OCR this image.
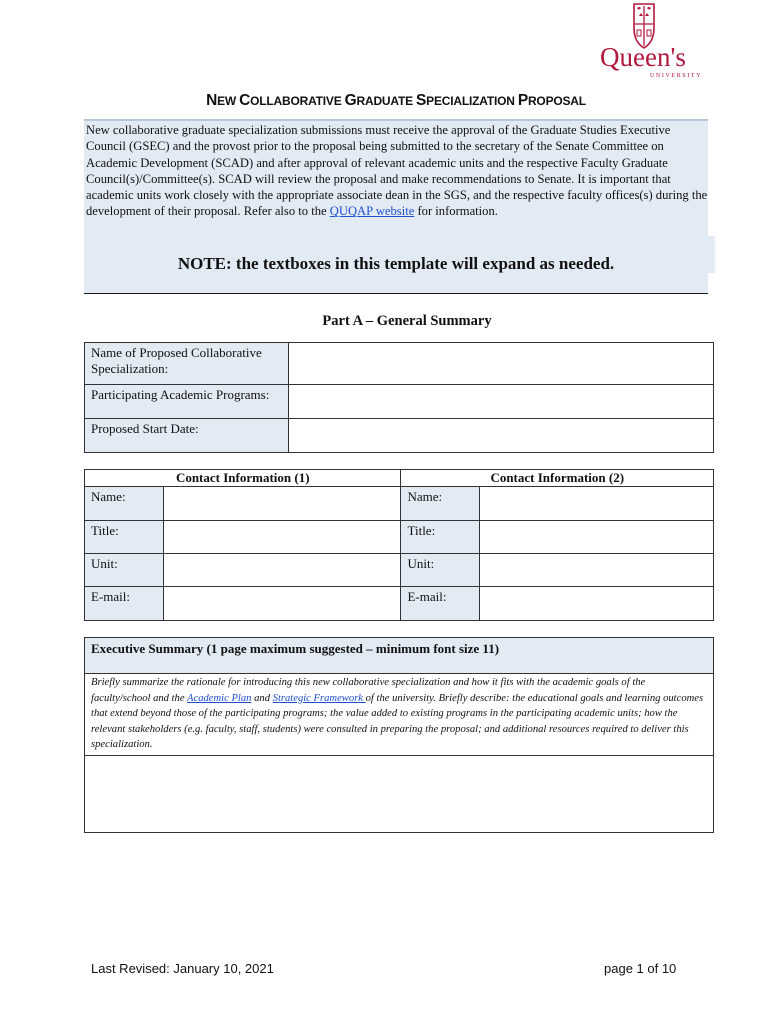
Queen's
UNIVERSITY
NEW COLLABORATIVE GRADUATE SPECIALIZATION PROPOSAL
New collaborative graduate specialization submissions must receive the approval of the Graduate Studies Executive Council (GSEC) and the provost prior to the proposal being submitted to the secretary of the Senate Committee on Academic Development (SCAD) and after approval of relevant academic units and the respective Faculty Graduate Council(s)/Committee(s). SCAD will review the proposal and make recommendations to Senate. It is important that academic units work closely with the appropriate associate dean in the SGS, and the respective faculty offices(s) during the development of their proposal. Refer also to the QUQAP website for information.
NOTE: the textboxes in this template will expand as needed.
Part A – General Summary
Name of Proposed Collaborative Specialization:	
Participating Academic Programs:	
Proposed Start Date:	
Contact Information (1)		Contact Information (2)	
Name:		Name:	
Title:		Title:	
Unit:		Unit:	
E-mail:		E-mail:	
Executive Summary (1 page maximum suggested – minimum font size 11)
Briefly summarize the rationale for introducing this new collaborative specialization and how it fits with the academic goals of the faculty/school and the Academic Plan and Strategic Framework of the university. Briefly describe: the educational goals and learning outcomes that extend beyond those of the participating programs; the value added to existing programs in the participating academic units; how the relevant stakeholders (e.g. faculty, staff, students) were consulted in preparing the proposal; and additional resources required to deliver this specialization.

Last Revised: January 10, 2021	page 1 of 10
